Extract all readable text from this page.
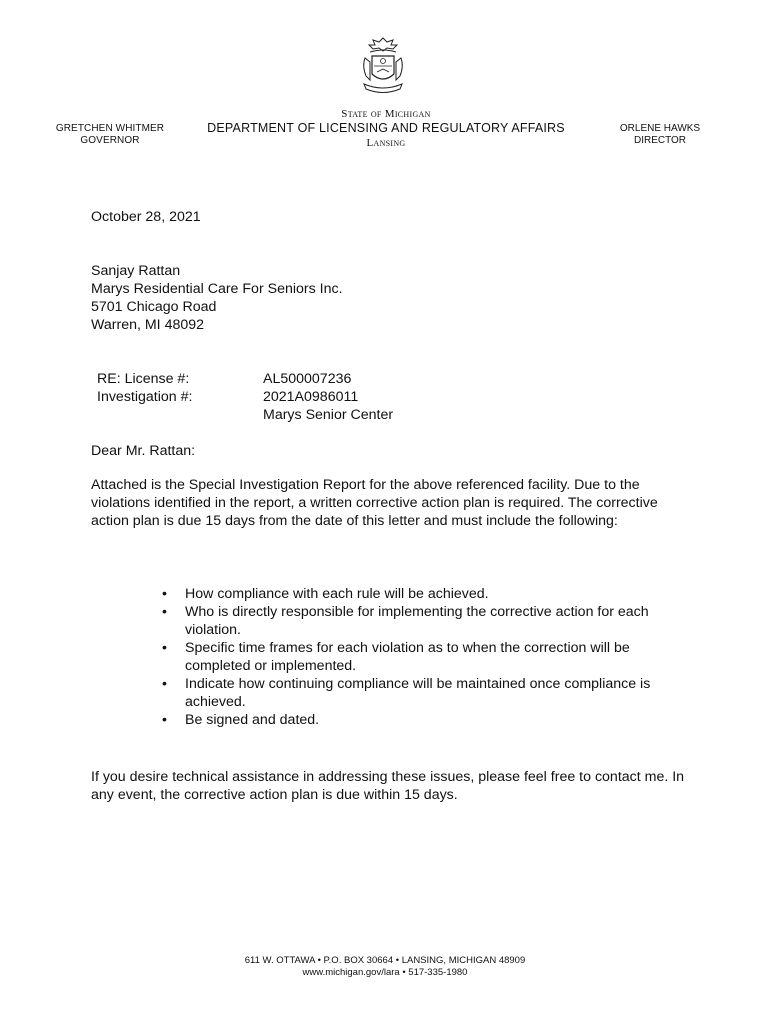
GRETCHEN WHITMER
GOVERNOR
State of Michigan
DEPARTMENT OF LICENSING AND REGULATORY AFFAIRS
Lansing
ORLENE HAWKS
DIRECTOR
October 28, 2021
Sanjay Rattan
Marys Residential Care For Seniors Inc.
5701 Chicago Road
Warren, MI 48092
RE: License #:	AL500007236
Investigation #:	2021A0986011
Marys Senior Center
Dear Mr. Rattan:
Attached is the Special Investigation Report for the above referenced facility. Due to the violations identified in the report, a written corrective action plan is required. The corrective action plan is due 15 days from the date of this letter and must include the following:
• How compliance with each rule will be achieved.
• Who is directly responsible for implementing the corrective action for each violation.
• Specific time frames for each violation as to when the correction will be completed or implemented.
• Indicate how continuing compliance will be maintained once compliance is achieved.
• Be signed and dated.
If you desire technical assistance in addressing these issues, please feel free to contact me. In any event, the corrective action plan is due within 15 days.
611 W. OTTAWA • P.O. BOX 30664 • LANSING, MICHIGAN 48909
www.michigan.gov/lara • 517-335-1980
